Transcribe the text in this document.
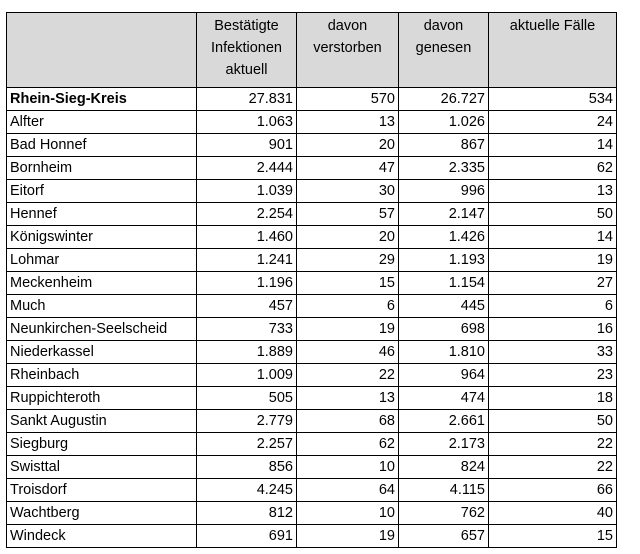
	Bestätigte Infektionen aktuell	davon verstorben	davon genesen	aktuelle Fälle
Rhein-Sieg-Kreis	27.831	570	26.727	534
Alfter	1.063	13	1.026	24
Bad Honnef	901	20	867	14
Bornheim	2.444	47	2.335	62
Eitorf	1.039	30	996	13
Hennef	2.254	57	2.147	50
Königswinter	1.460	20	1.426	14
Lohmar	1.241	29	1.193	19
Meckenheim	1.196	15	1.154	27
Much	457	6	445	6
Neunkirchen-Seelscheid	733	19	698	16
Niederkassel	1.889	46	1.810	33
Rheinbach	1.009	22	964	23
Ruppichteroth	505	13	474	18
Sankt Augustin	2.779	68	2.661	50
Siegburg	2.257	62	2.173	22
Swisttal	856	10	824	22
Troisdorf	4.245	64	4.115	66
Wachtberg	812	10	762	40
Windeck	691	19	657	15
